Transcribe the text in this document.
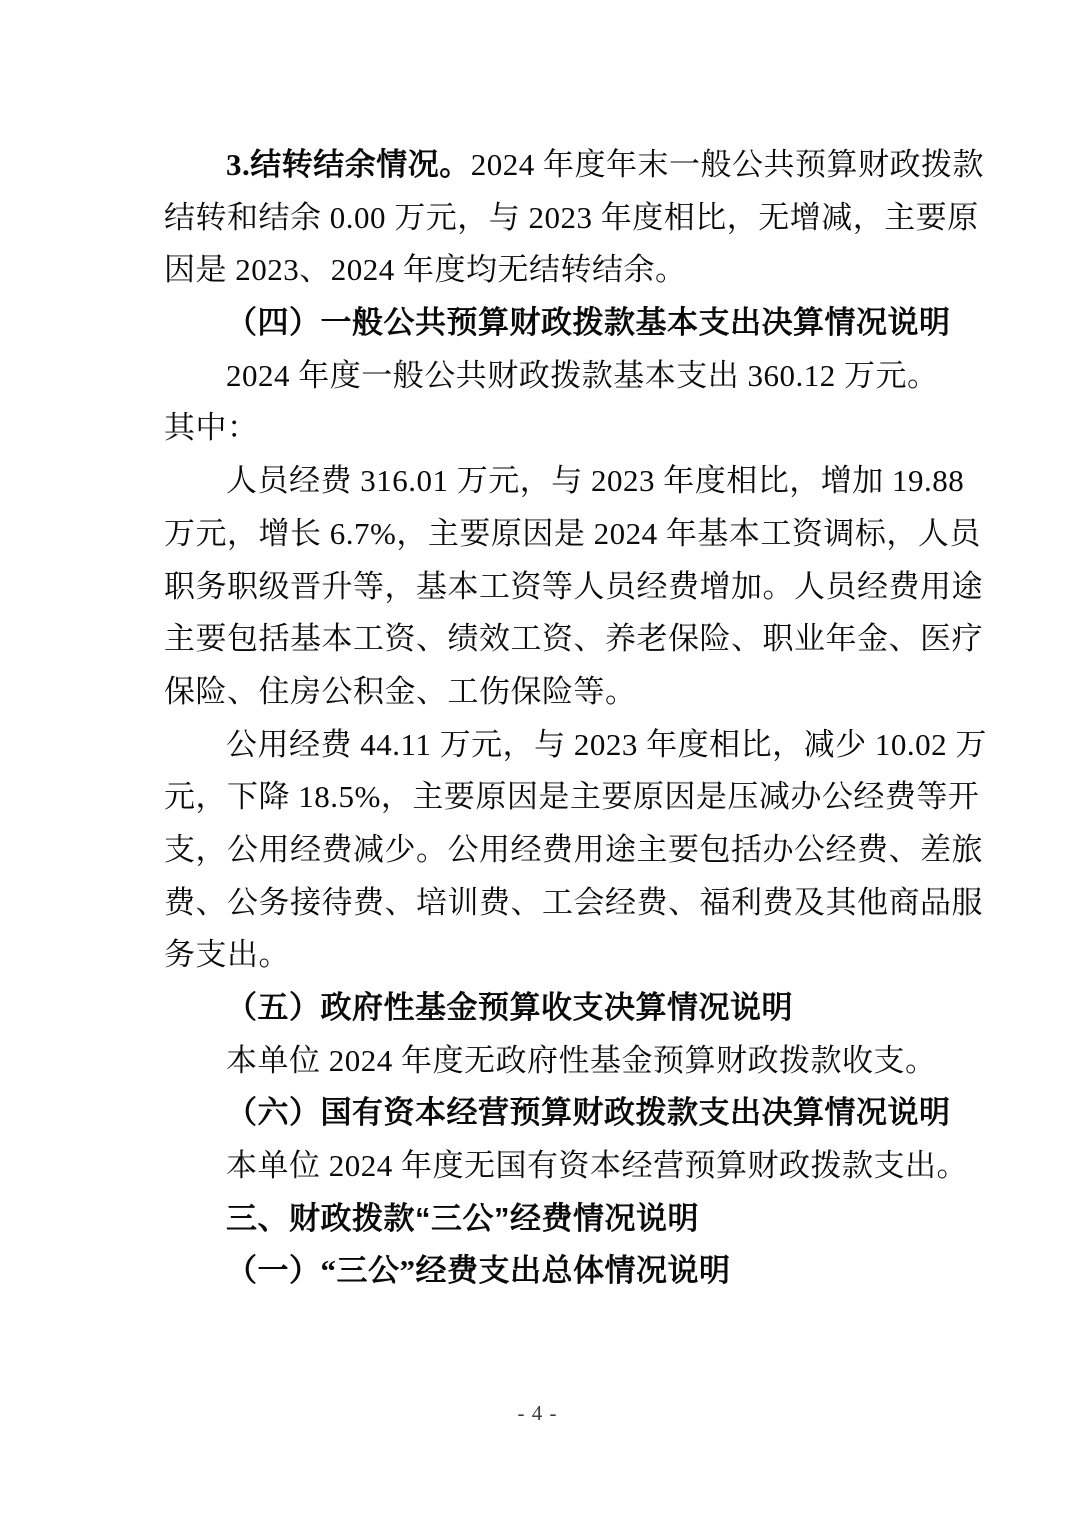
3.结转结余情况。2024 年度年末一般公共预算财政拨款
结转和结余 0.00 万元，与 2023 年度相比，无增减，主要原
因是 2023、2024 年度均无结转结余。
（四）一般公共预算财政拨款基本支出决算情况说明
2024 年度一般公共财政拨款基本支出 360.12 万元。
其中：
人员经费 316.01 万元，与 2023 年度相比，增加 19.88
万元，增长 6.7%，主要原因是 2024 年基本工资调标，人员
职务职级晋升等，基本工资等人员经费增加。人员经费用途
主要包括基本工资、绩效工资、养老保险、职业年金、医疗
保险、住房公积金、工伤保险等。
公用经费 44.11 万元，与 2023 年度相比，减少 10.02 万
元，下降 18.5%，主要原因是主要原因是压减办公经费等开
支，公用经费减少。公用经费用途主要包括办公经费、差旅
费、公务接待费、培训费、工会经费、福利费及其他商品服
务支出。
（五）政府性基金预算收支决算情况说明
本单位 2024 年度无政府性基金预算财政拨款收支。
（六）国有资本经营预算财政拨款支出决算情况说明
本单位 2024 年度无国有资本经营预算财政拨款支出。
三、财政拨款“三公”经费情况说明
（一）“三公”经费支出总体情况说明
- 4 -
